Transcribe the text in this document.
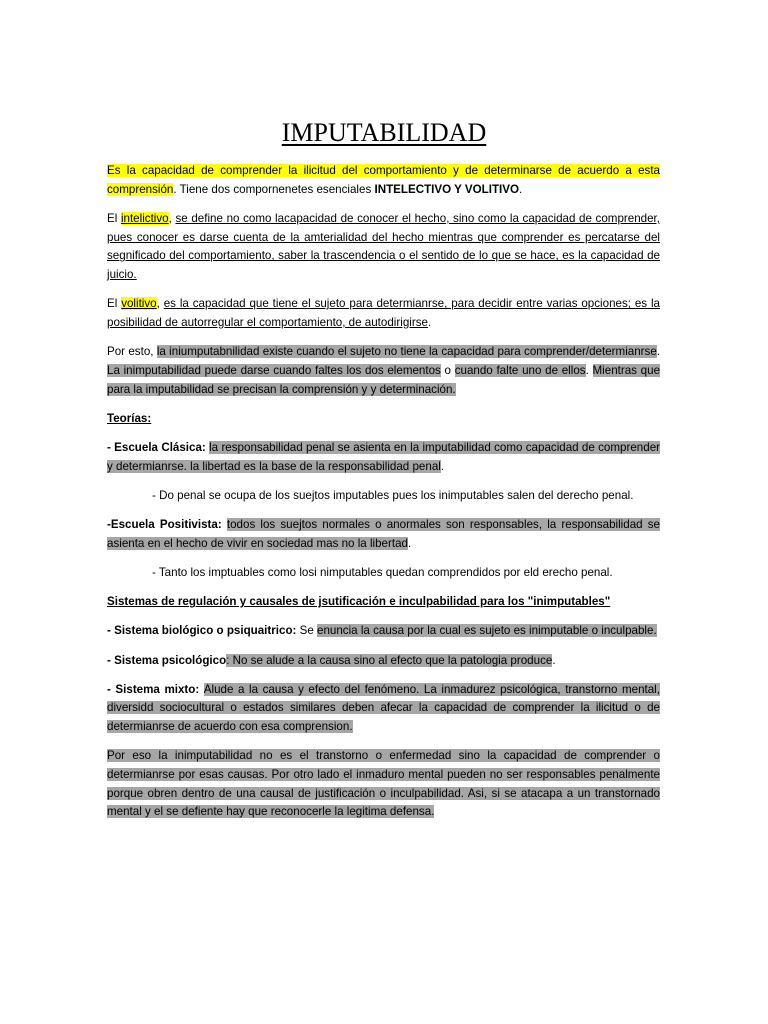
IMPUTABILIDAD

Es la capacidad de comprender la ilicitud del comportamiento y de determinarse de acuerdo a esta comprensión. Tiene dos compornenetes esenciales INTELECTIVO Y VOLITIVO.

El intelictivo, se define no como lacapacidad de conocer el hecho, sino como la capacidad de comprender, pues conocer es darse cuenta de la amterialidad del hecho mientras que comprender es percatarse del segnificado del comportamiento, saber la trascendencia o el sentido de lo que se hace, es la capacidad de juicio.

El volitivo, es la capacidad que tiene el sujeto para determianrse, para decidir entre varias opciones; es la posibilidad de autorregular el comportamiento, de autodirigirse.

Por esto, la iniumputabnilidad existe cuando el sujeto no tiene la capacidad para comprender/determianrse. La inimputabilidad puede darse cuando faltes los dos elementos o cuando falte uno de ellos. Mientras que para la imputabilidad se precisan la comprensión y y determinación.

Teorías:

- Escuela Clásica: la responsabilidad penal se asienta en la imputabilidad como capacidad de comprender y determianrse. la libertad es la base de la responsabilidad penal.

- Do penal se ocupa de los suejtos imputables pues los inimputables salen del derecho penal.

-Escuela Positivista: todos los suejtos normales o anormales son responsables, la responsabilidad se asienta en el hecho de vivir en sociedad mas no la libertad.

- Tanto los imptuables como losi nimputables quedan comprendidos por eld erecho penal.

Sistemas de regulación y causales de jsutificación e inculpabilidad para los "inimputables"

- Sistema biológico o psiquaitrico: Se enuncia la causa por la cual es sujeto es inimputable o inculpable.

- Sistema psicológico: No se alude a la causa sino al efecto que la patologia produce.

- Sistema mixto: Alude a la causa y efecto del fenómeno. La inmadurez psicológica, transtorno mental, diversidd sociocultural o estados similares deben afecar la capacidad de comprender la ilicitud o de determianrse de acuerdo con esa comprension.

Por eso la inimputabilidad no es el transtorno o enfermedad sino la capacidad de comprender o determianrse por esas causas. Por otro lado el inmaduro mental pueden no ser responsables penalmente porque obren dentro de una causal de justificación o inculpabilidad. Asi, si se atacapa a un transtornado mental y el se defiente hay que reconocerle la legitima defensa.
